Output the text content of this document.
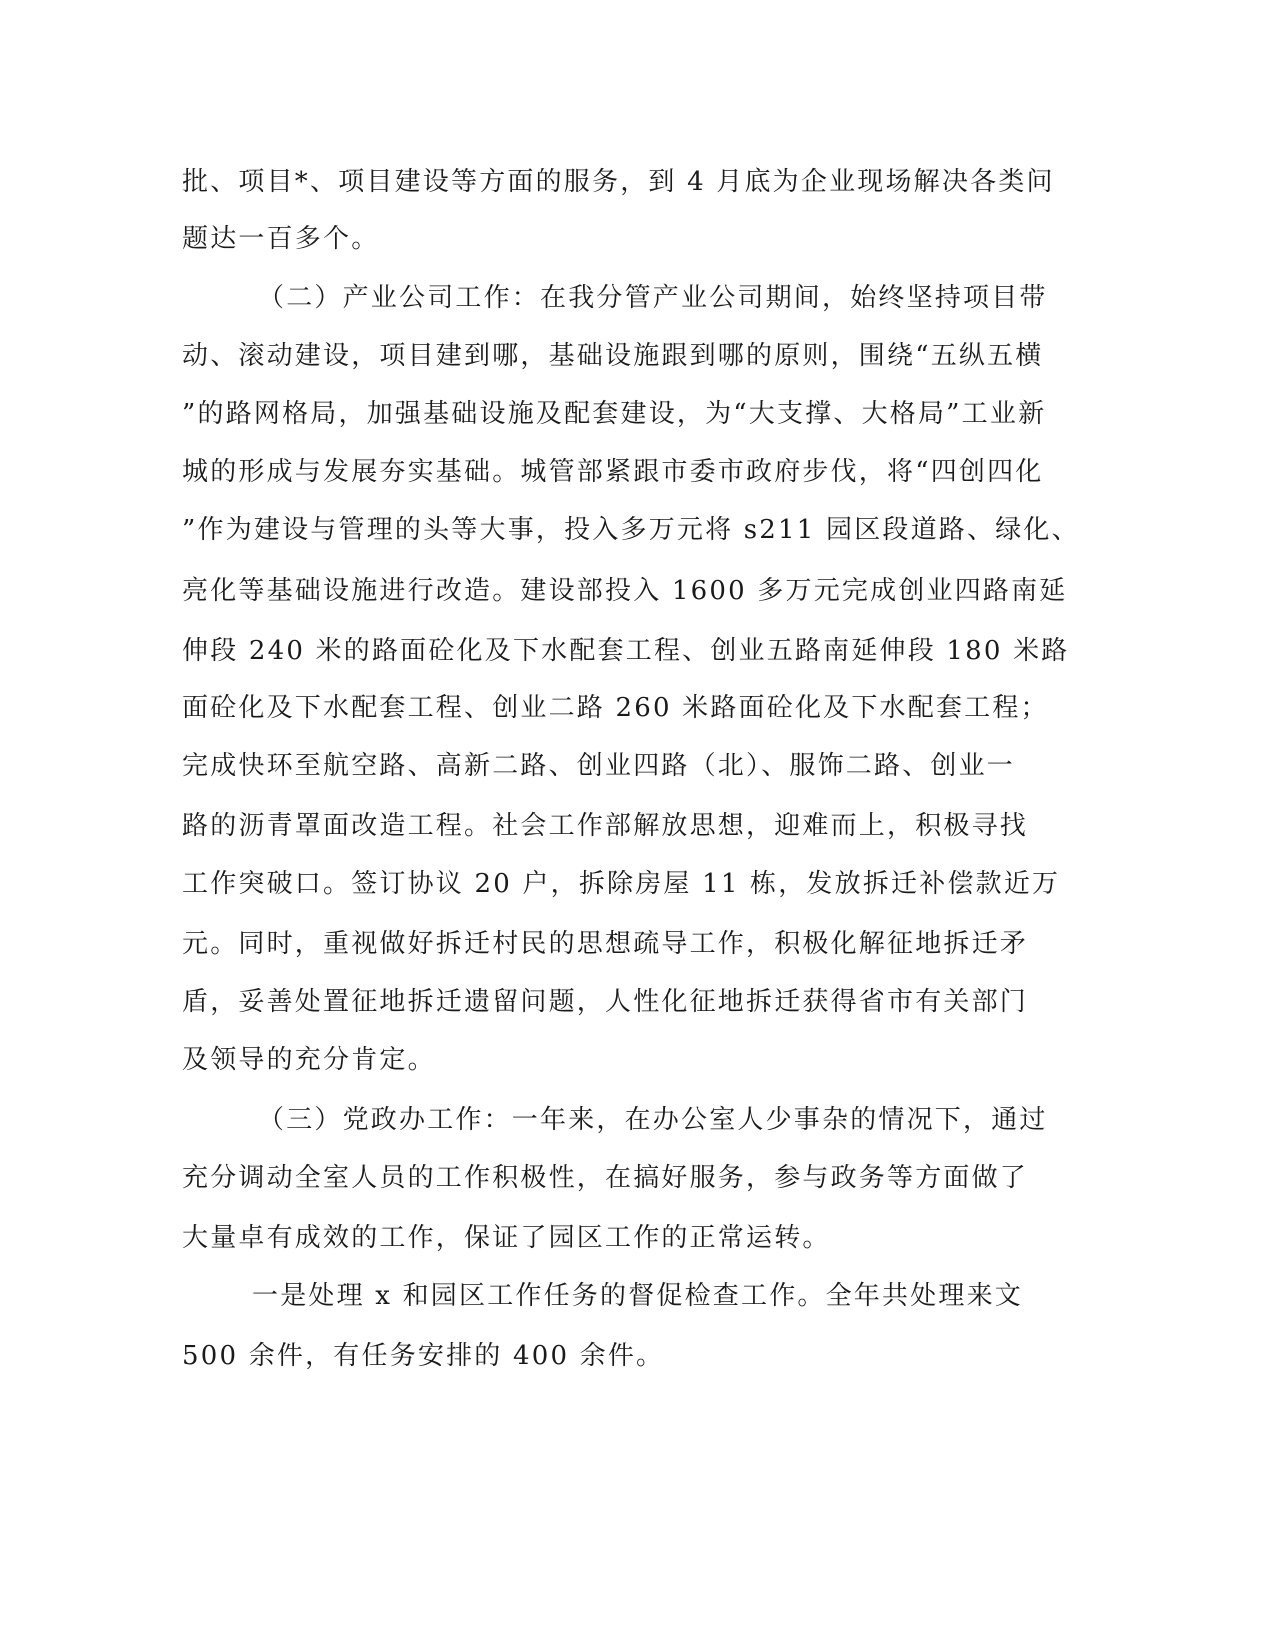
批、项目*、项目建设等方面的服务，到 4 月底为企业现场解决各类问
题达一百多个。
（二）产业公司工作：在我分管产业公司期间，始终坚持项目带
动、滚动建设，项目建到哪，基础设施跟到哪的原则，围绕“五纵五横
”的路网格局，加强基础设施及配套建设，为“大支撑、大格局”工业新
城的形成与发展夯实基础。城管部紧跟市委市政府步伐，将“四创四化
”作为建设与管理的头等大事，投入多万元将 s211 园区段道路、绿化、
亮化等基础设施进行改造。建设部投入 1600 多万元完成创业四路南延
伸段 240 米的路面砼化及下水配套工程、创业五路南延伸段 180 米路
面砼化及下水配套工程、创业二路 260 米路面砼化及下水配套工程；
完成快环至航空路、高新二路、创业四路（北）、服饰二路、创业一
路的沥青罩面改造工程。社会工作部解放思想，迎难而上，积极寻找
工作突破口。签订协议 20 户，拆除房屋 11 栋，发放拆迁补偿款近万
元。同时，重视做好拆迁村民的思想疏导工作，积极化解征地拆迁矛
盾，妥善处置征地拆迁遗留问题，人性化征地拆迁获得省市有关部门
及领导的充分肯定。
（三）党政办工作：一年来，在办公室人少事杂的情况下，通过
充分调动全室人员的工作积极性，在搞好服务，参与政务等方面做了
大量卓有成效的工作，保证了园区工作的正常运转。
一是处理 x 和园区工作任务的督促检查工作。全年共处理来文
500 余件，有任务安排的 400 余件。
